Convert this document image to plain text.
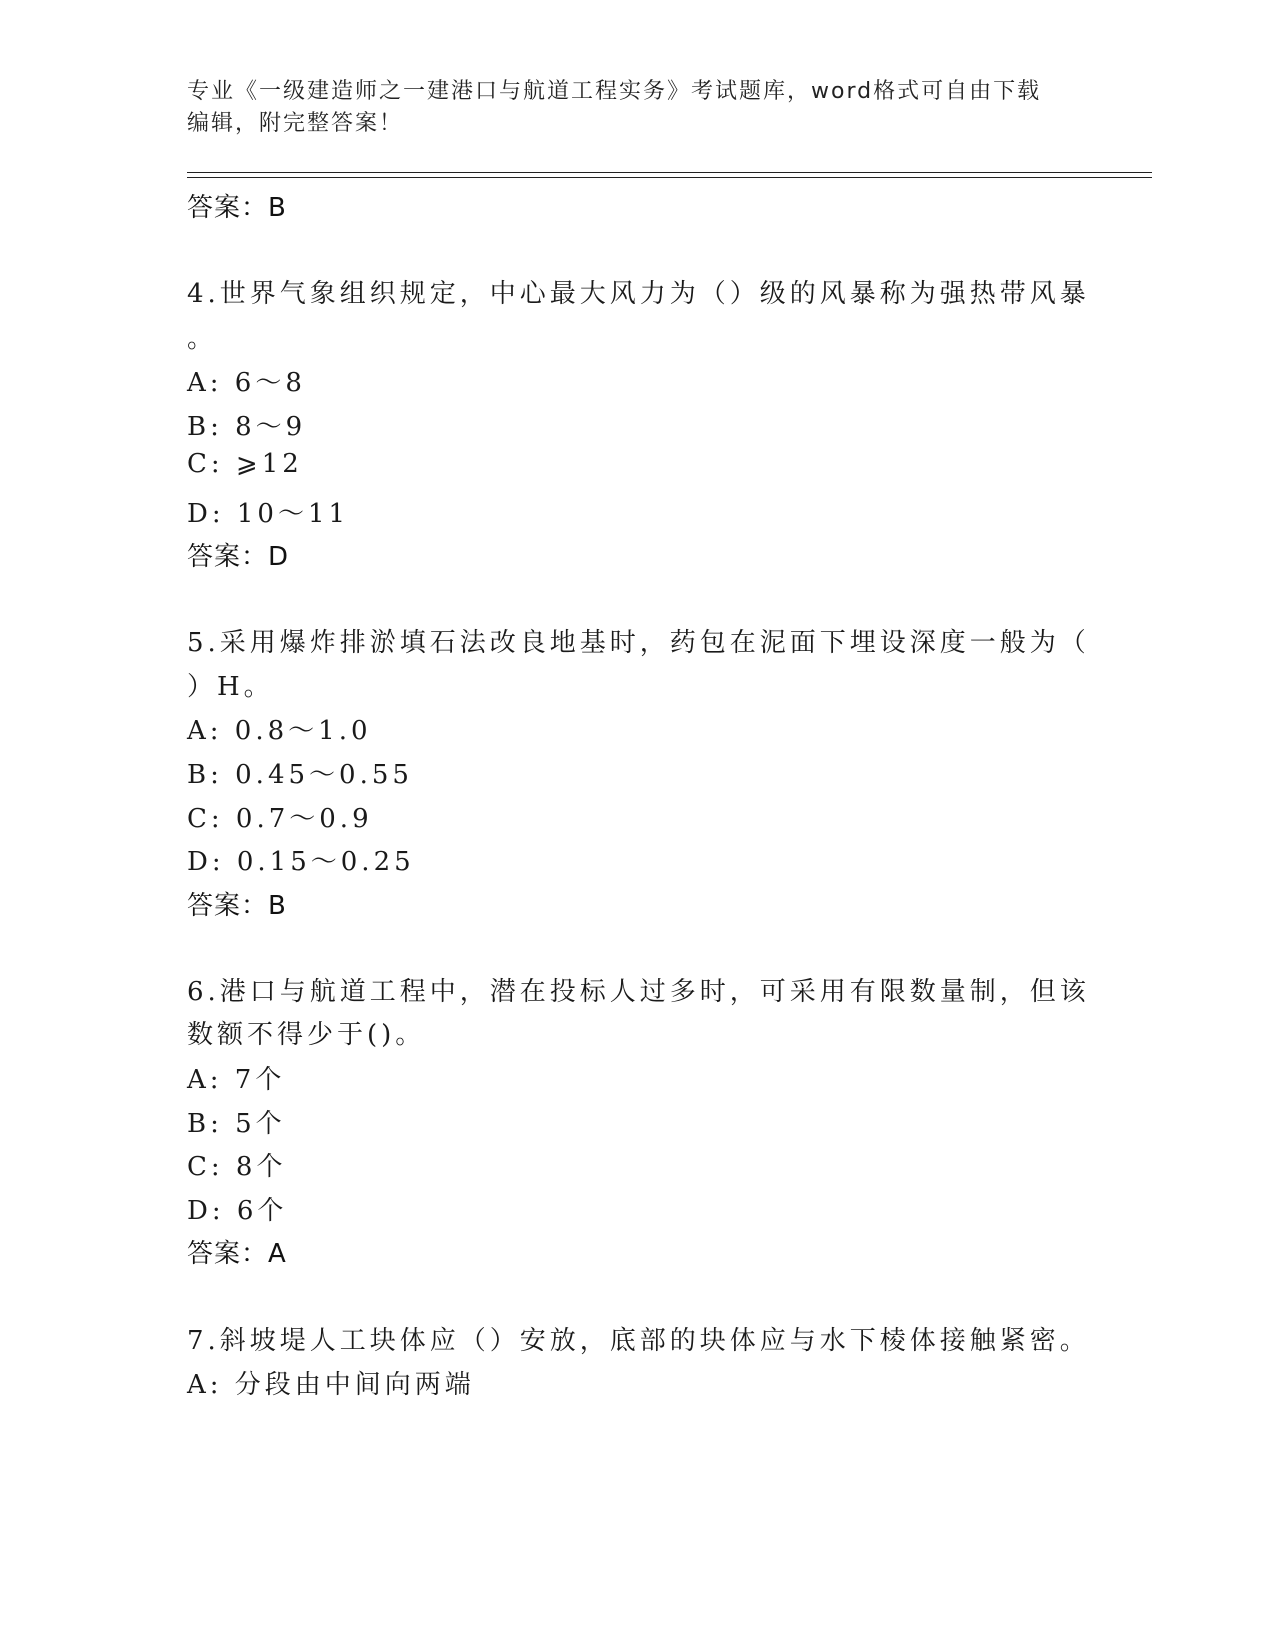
专业《一级建造师之一建港口与航道工程实务》考试题库，word格式可自由下载
编辑，附完整答案！
答案：B
4.世界气象组织规定，中心最大风力为（）级的风暴称为强热带风暴
。
A: 6～8
B: 8～9
C: ⩾12
D: 10～11
答案：D
5.采用爆炸排淤填石法改良地基时，药包在泥面下埋设深度一般为（
）H。
A: 0.8～1.0
B: 0.45～0.55
C: 0.7～0.9
D: 0.15～0.25
答案：B
6.港口与航道工程中，潜在投标人过多时，可采用有限数量制，但该
数额不得少于()。
A: 7个
B: 5个
C: 8个
D: 6个
答案：A
7.斜坡堤人工块体应（）安放，底部的块体应与水下棱体接触紧密。
A: 分段由中间向两端
